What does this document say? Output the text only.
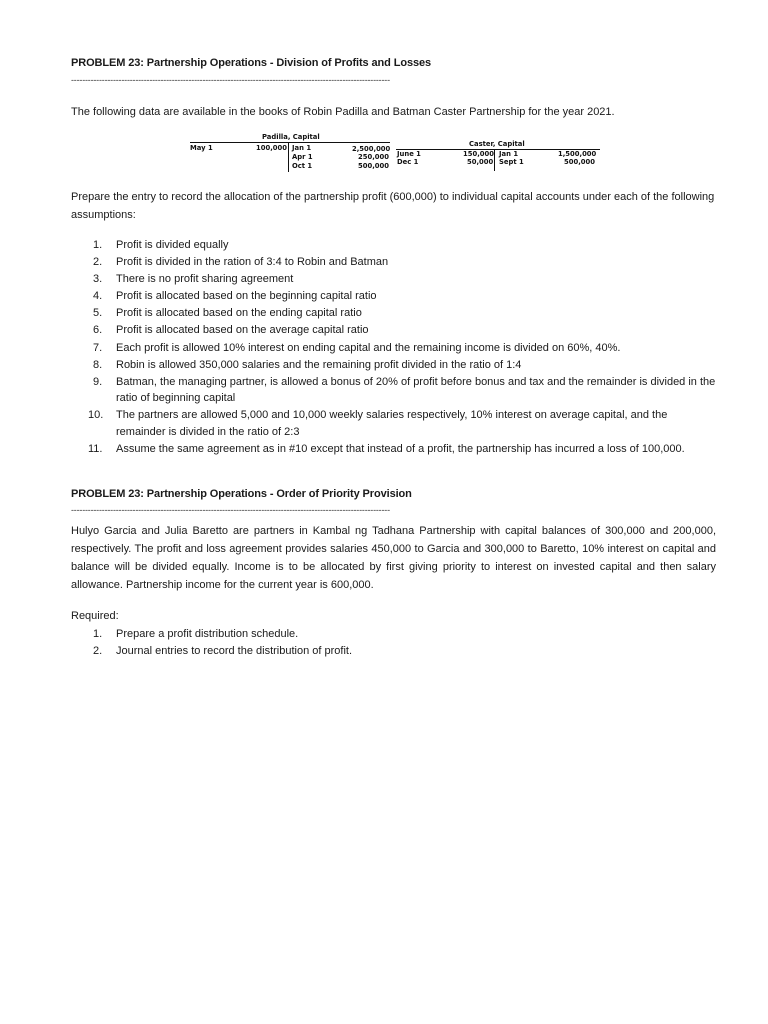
PROBLEM 23: Partnership Operations - Division of Profits and Losses
------------------------------------------------------------------------------------------------------------------
The following data are available in the books of Robin Padilla and Batman Caster Partnership for the year 2021.
Prepare the entry to record the allocation of the partnership profit (600,000) to individual capital accounts under each of the following assumptions:
1. Profit is divided equally
2. Profit is divided in the ration of 3:4 to Robin and Batman
3. There is no profit sharing agreement
4. Profit is allocated based on the beginning capital ratio
5. Profit is allocated based on the ending capital ratio
6. Profit is allocated based on the average capital ratio
7. Each profit is allowed 10% interest on ending capital and the remaining income is divided on 60%, 40%.
8. Robin is allowed 350,000 salaries and the remaining profit divided in the ratio of 1:4
9. Batman, the managing partner, is allowed a bonus of 20% of profit before bonus and tax and the remainder is divided in the ratio of beginning capital
10. The partners are allowed 5,000 and 10,000 weekly salaries respectively, 10% interest on average capital, and the remainder is divided in the ratio of 2:3
11. Assume the same agreement as in #10 except that instead of a profit, the partnership has incurred a loss of 100,000.
PROBLEM 23: Partnership Operations - Order of Priority Provision
------------------------------------------------------------------------------------------------------------------
Hulyo Garcia and Julia Baretto are partners in Kambal ng Tadhana Partnership with capital balances of 300,000 and 200,000, respectively. The profit and loss agreement provides salaries 450,000 to Garcia and 300,000 to Baretto, 10% interest on capital and balance will be divided equally. Income is to be allocated by first giving priority to interest on invested capital and then salary allowance. Partnership income for the current year is 600,000.
Required:
1. Prepare a profit distribution schedule.
2. Journal entries to record the distribution of profit.
Padilla, Capital
May 1	100,000 Jan 1
Apr 1
Oct 1
2,500,000
250,000
500,000
Caster, Capital
June 1
Dec 1
150,000
50,000
Jan 1
Sept 1
1,500,000
500,000
